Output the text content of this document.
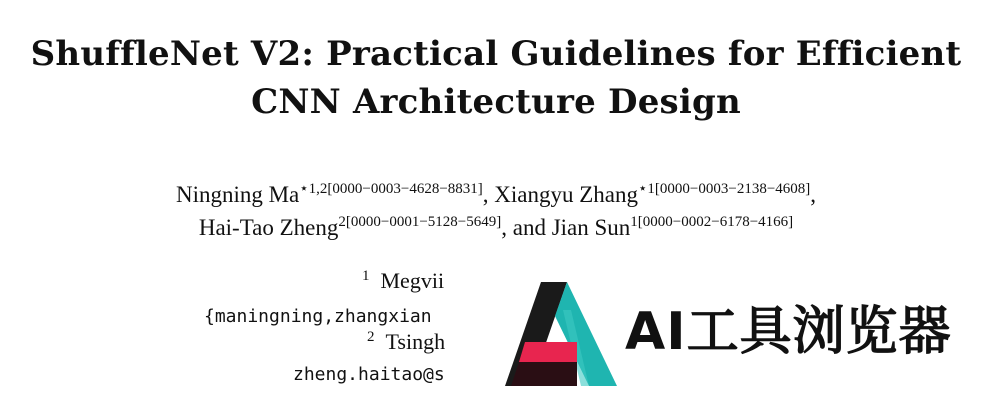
ShuffleNet V2: Practical Guidelines for Efficient
CNN Architecture Design
Ningning $Ma^{⋆1,2[0000-0003-4628-8831]}$, Xiangyu Zhang$^{⋆1[0000-0003-2138-4608]}$,
Hai-Tao Zheng$^{2[0000-0001-5128-5649]}$, and Jian Sun$^{1[0000-0002-6178-4166]}$
$^1$ Megvii
{maningning,zhangxian
$^2$ Tsingh
zheng.haitao@s
AI工具浏览器
